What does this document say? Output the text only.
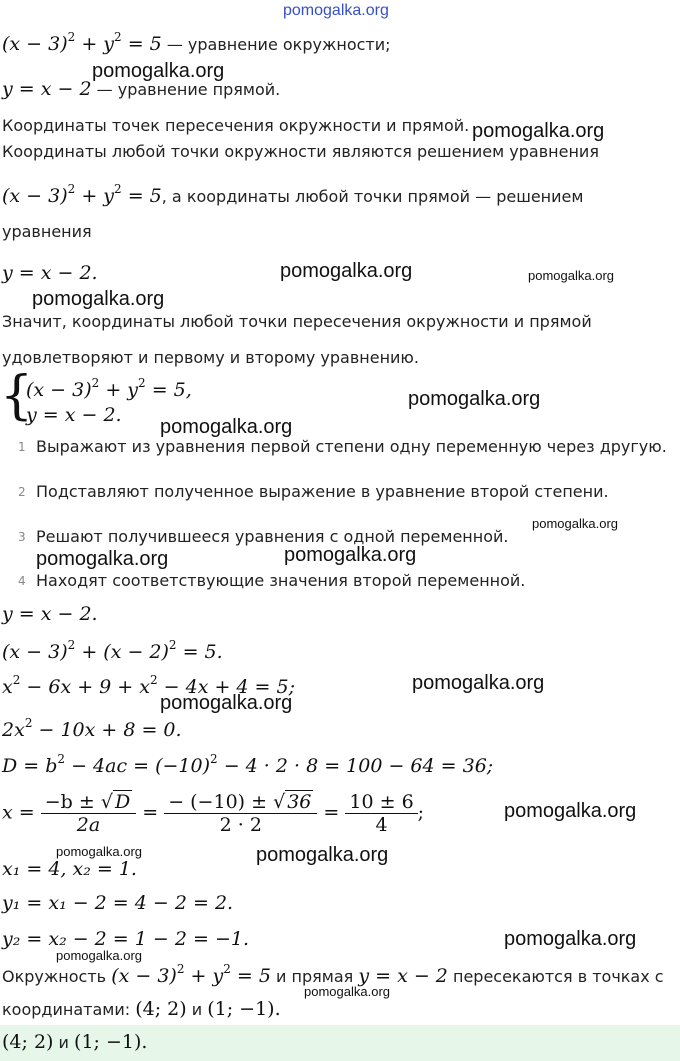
pomogalka.org
$(x - 3)^2 + y^2 = 5$ — уравнение окружности;
y = x − 2 — уравнение прямой.
Координаты точек пересечения окружности и прямой.
Координаты любой точки окружности являются решением уравнения
$(x - 3)^2 + y^2 = 5$, а координаты любой точки прямой — решением
уравнения
y = x − 2.
Значит, координаты любой точки пересечения окружности и прямой
удовлетворяют и первому и второму уравнению.
{
$(x - 3)^2 + y^2 = 5$,
y = x − 2.
1 Выражают из уравнения первой степени одну переменную через другую.
2 Подставляют полученное выражение в уравнение второй степени.
3 Решают получившееся уравнения с одной переменной.
4 Находят соответствующие значения второй переменной.
y = x − 2.
$(x - 3)^2 + (x - 2)^2 = 5$.
$x^2 - 6x + 9 + x^2 - 4x + 4 = 5$;
$2x^2 - 10x + 8 = 0$.
$D = b^2 - 4ac = (-10)^2 - 4 \cdot 2 \cdot 8 = 100 - 64 = 36$;
$x = \frac{-b \pm √ D}{2a} = \frac{- (-10) \pm √ 36}{2 \cdot 2} = \frac{10 \pm 6}{4}$ ;
x₁ = 4, x₂ = 1.
y₁ = x₁ − 2 = 4 − 2 = 2.
y₂ = x₂ − 2 = 1 − 2 = −1.
Окружность $(x - 3)^2 + y^2 = 5$ и прямая y = x − 2 пересекаются в точках с
координатами: (4; 2) и (1; −1).
(4; 2) и (1; −1).
pomogalka.org
pomogalka.org
pomogalka.org	pomogalka.org
pomogalka.org
pomogalka.org
pomogalka.org
pomogalka.org
pomogalka.org	pomogalka.org
pomogalka.org
pomogalka.org
pomogalka.org
pomogalka.org	pomogalka.org
pomogalka.org
pomogalka.org
pomogalka.org
